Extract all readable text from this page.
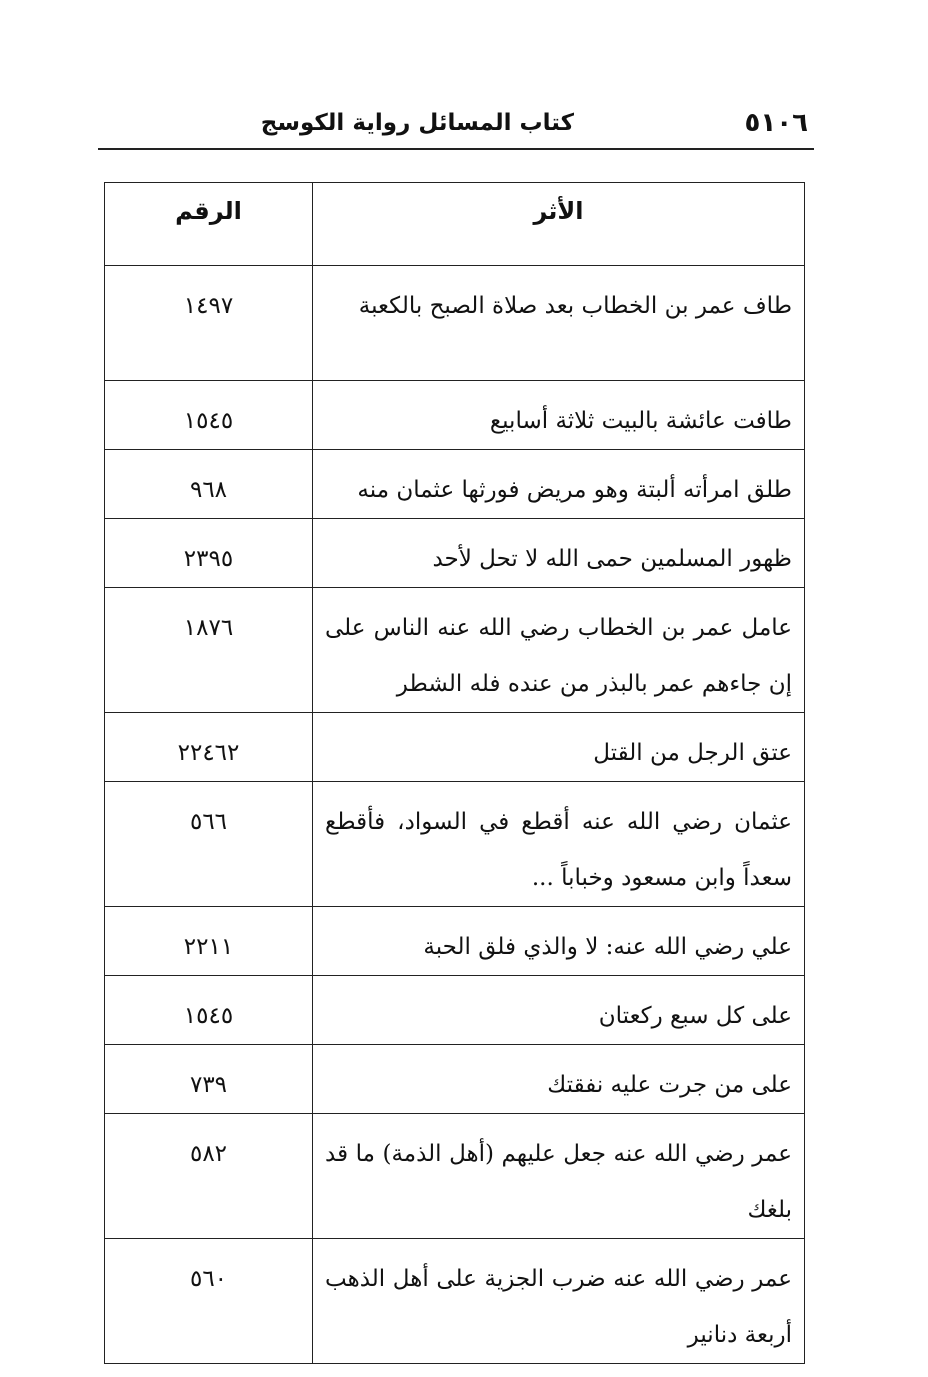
كتاب المسائل رواية الكوسج	٥١٠٦
الأثر	الرقم

طاف عمر بن الخطاب بعد صلاة الصبح بالكعبة	١٤٩٧

طافت عائشة بالبيت ثلاثة أسابيع	١٥٤٥

طلق امرأته ألبتة وهو مريض فورثها عثمان منه	٩٦٨

ظهور المسلمين حمى الله لا تحل لأحد	٢٣٩٥

عامل عمر بن الخطاب رضي الله عنه الناس على إن جاءهم عمر بالبذر من عنده فله الشطر	١٨٧٦

عتق الرجل من القتل	٢٢٤٦٢

عثمان رضي الله عنه أقطع في السواد، فأقطع سعداً وابن مسعود وخباباً ...	٥٦٦

علي رضي الله عنه: لا والذي فلق الحبة	٢٢١١

على كل سبع ركعتان	١٥٤٥

على من جرت عليه نفقتك	٧٣٩

عمر رضي الله عنه جعل عليهم (أهل الذمة) ما قد بلغك	٥٨٢

عمر رضي الله عنه ضرب الجزية على أهل الذهب أربعة دنانير	٥٦٠
